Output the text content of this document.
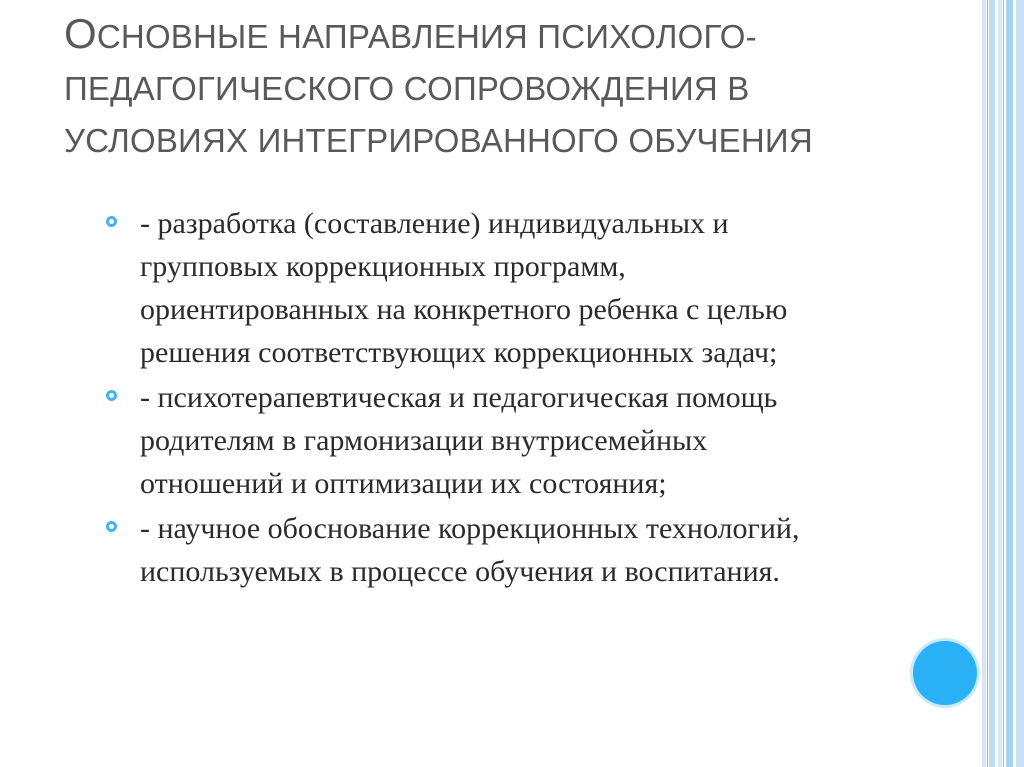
ОСНОВНЫЕ НАПРАВЛЕНИЯ ПСИХОЛОГО-
ПЕДАГОГИЧЕСКОГО СОПРОВОЖДЕНИЯ В
УСЛОВИЯХ ИНТЕГРИРОВАННОГО ОБУЧЕНИЯ
- разработка (составление) индивидуальных и
групповых коррекционных программ,
ориентированных на конкретного ребенка с целью
решения соответствующих коррекционных задач;
- психотерапевтическая и педагогическая помощь
родителям в гармонизации внутрисемейных
отношений и оптимизации их состояния;
- научное обоснование коррекционных технологий,
используемых в процессе обучения и воспитания.
